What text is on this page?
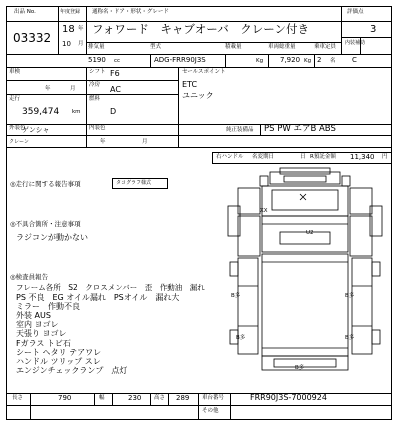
出品 No.
03332
年度登録
18 年
10 月
通称名・ドア・形状・グレード
フォワード　キャブオーバ　クレーン付き
評価点
3
排気量	型式	積載量	車両総重量	乗車定員
内装補助
5190 cc	ADG-FRR90J3S	Kg 7,920 Kg 2 名 C
車検
年	月
シフト F6
冷房 AC
走行
359,474 km
燃料
D
外装色
ゲンシャ	内装色
クレーン	年	月
セールスポイント
ETC
ユニック
純正装備品 PS PW エアB ABS
右ハンドル 名変期日	日 R預託金額 11,340 円
◎走行に関する報告事項	タコグラフ様式
◎不具合箇所・注意事項
ラジコンが動かない
◎検査員報告
フレーム各所　S2　クロスメンバー　歪　作動油　漏れ
PS 不良　EG オイル漏れ　PSオイル　漏れ大
ミラー　作動不良
外装 AUS
室内 ヨゴレ
天張り ヨゴレ
Fガラス トビ石
シート ヘタリ テアワレ
ハンドル ツリップ スレ
エンジンチェックランプ　点灯
XX
U2
B多	B多
B多	B多
B多
長さ	790	幅	230 高さ 289 車台番号	FRR90J3S-7000924
その他
